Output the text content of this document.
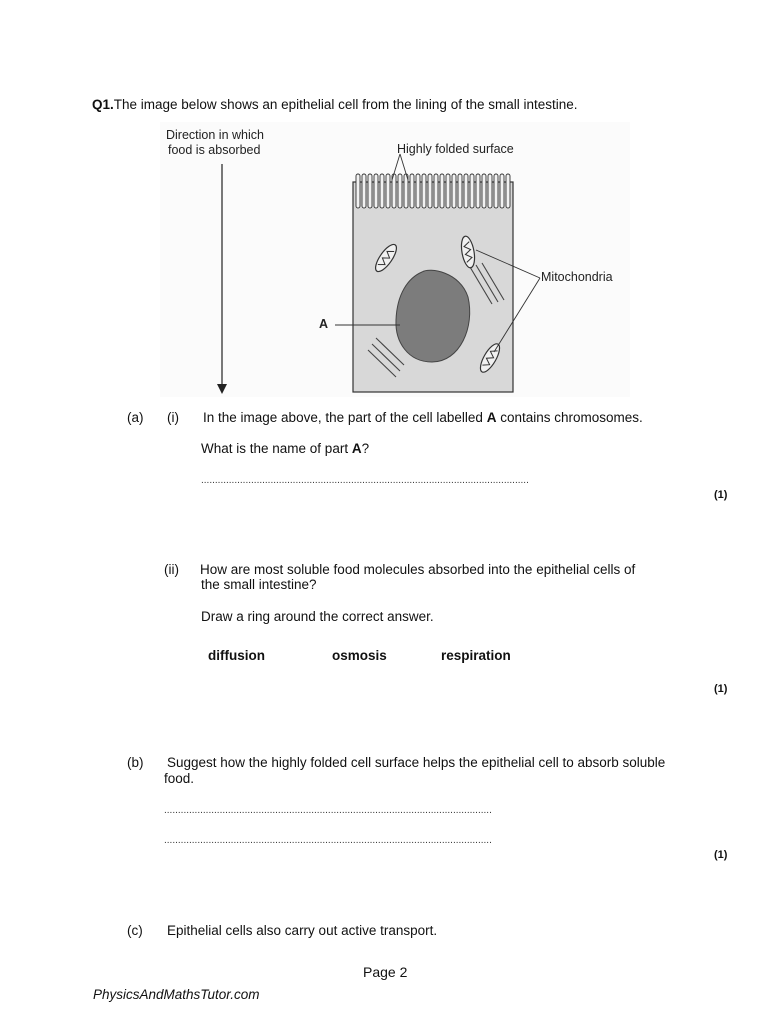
Q1.The image below shows an epithelial cell from the lining of the small intestine.
Direction in which
food is absorbed	Highly folded surface
Mitochondria
A
(a) (i) In the image above, the part of the cell labelled A contains chromosomes.
What is the name of part A?
......................................................................................................................
(1)
(ii) How are most soluble food molecules absorbed into the epithelial cells of
the small intestine?
Draw a ring around the correct answer.
diffusion	osmosis	respiration
(1)
(b) Suggest how the highly folded cell surface helps the epithelial cell to absorb soluble
food.
......................................................................................................................
......................................................................................................................
(1)
(c) Epithelial cells also carry out active transport.
Page 2
PhysicsAndMathsTutor.com
